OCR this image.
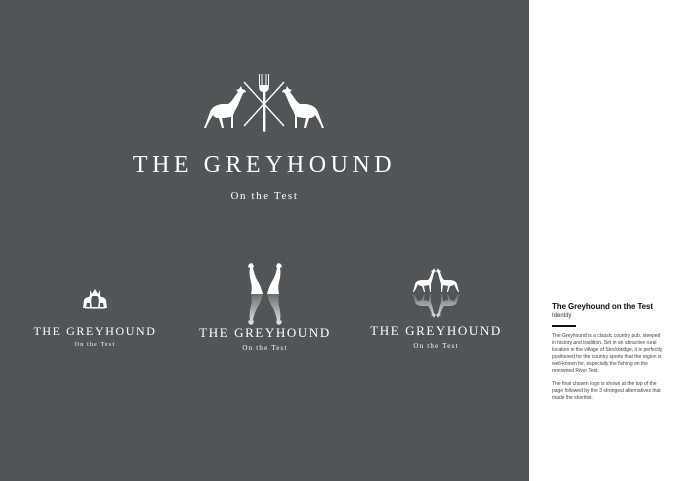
THE GREYHOUND
On the Test
THE GREYHOUND
On the Test
THE GREYHOUND
On the Test
THE GREYHOUND
On the Test
The Greyhound on the Test
Identity

The Greyhound is a classic country pub, steeped in history and tradition. Set in an attractive rural location in the village of Stockbridge, it is perfectly positioned for the country sports that the region is well-known for, especially the fishing on the renowned River Test.

The final chosen logo is shown at the top of the page followed by the 3 strongest alternatives that made the shortlist.
